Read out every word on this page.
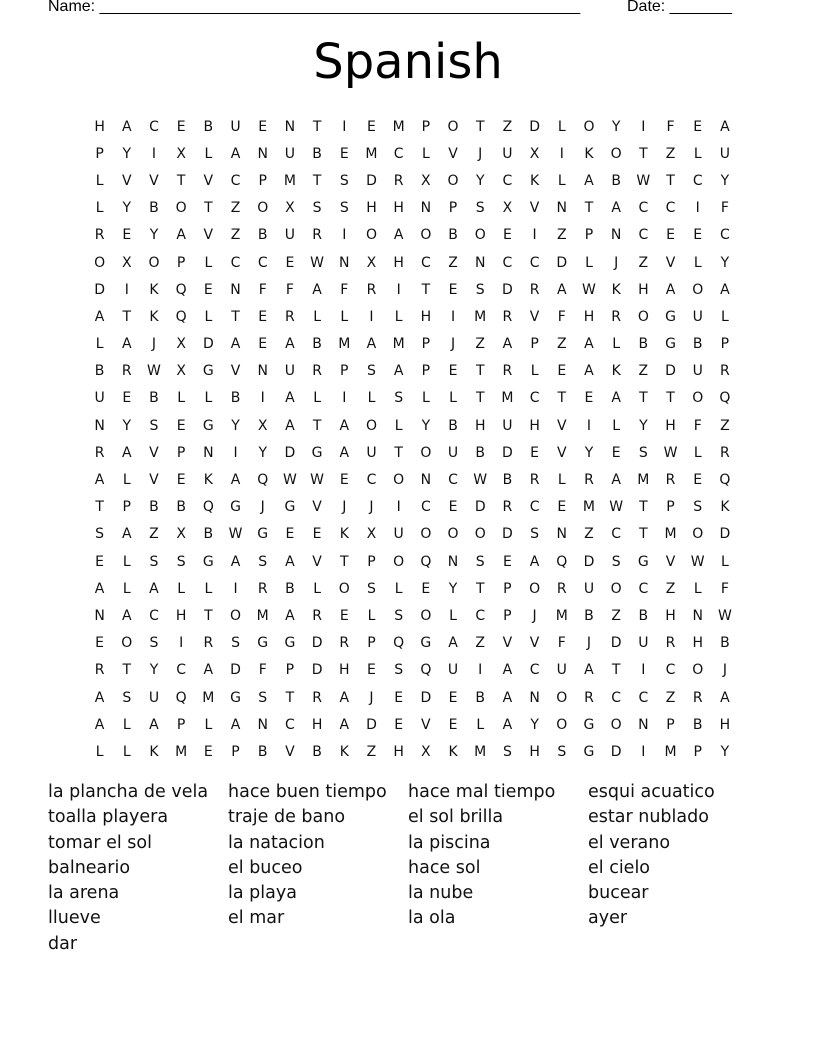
Name: ______________________________________________________	Date: _______
Spanish
H	A	C	E	B	U	E	N	T	I	E	M	P	O	T	Z	D	L	O	Y	I	F	E	A
P	Y	I	X	L	A	N	U	B	E	M	C	L	V	J	U	X	I	K	O	T	Z	L	U
L	V	V	T	V	C	P	M	T	S	D	R	X	O	Y	C	K	L	A	B	W	T	C	Y
L	Y	B	O	T	Z	O	X	S	S	H	H	N	P	S	X	V	N	T	A	C	C	I	F
R	E	Y	A	V	Z	B	U	R	I	O	A	O	B	O	E	I	Z	P	N	C	E	E	C
O	X	O	P	L	C	C	E	W	N	X	H	C	Z	N	C	C	D	L	J	Z	V	L	Y
D	I	K	Q	E	N	F	F	A	F	R	I	T	E	S	D	R	A	W	K	H	A	O	A
A	T	K	Q	L	T	E	R	L	L	I	L	H	I	M	R	V	F	H	R	O	G	U	L
L	A	J	X	D	A	E	A	B	M	A	M	P	J	Z	A	P	Z	A	L	B	G	B	P
B	R	W	X	G	V	N	U	R	P	S	A	P	E	T	R	L	E	A	K	Z	D	U	R
U	E	B	L	L	B	I	A	L	I	L	S	L	L	T	M	C	T	E	A	T	T	O	Q
N	Y	S	E	G	Y	X	A	T	A	O	L	Y	B	H	U	H	V	I	L	Y	H	F	Z
R	A	V	P	N	I	Y	D	G	A	U	T	O	U	B	D	E	V	Y	E	S	W	L	R
A	L	V	E	K	A	Q	W W	E	C	O	N	C	W	B	R	L	R	A	M	R	E	Q
T	P	B	B	Q	G	J	G	V	J	J	I	C	E	D	R	C	E	M	W	T	P	S	K
S	A	Z	X	B	W	G	E	E	K	X	U	O	O	O	D	S	N	Z	C	T	M	O	D
E	L	S	S	G	A	S	A	V	T	P	O	Q	N	S	E	A	Q	D	S	G	V	W	L
A	L	A	L	L	I	R	B	L	O	S	L	E	Y	T	P	O	R	U	O	C	Z	L	F
N	A	C	H	T	O	M	A	R	E	L	S	O	L	C	P	J	M	B	Z	B	H	N	W
E	O	S	I	R	S	G	G	D	R	P	Q	G	A	Z	V	V	F	J	D	U	R	H	B
R	T	Y	C	A	D	F	P	D	H	E	S	Q	U	I	A	C	U	A	T	I	C	O	J
A	S	U	Q	M	G	S	T	R	A	J	E	D	E	B	A	N	O	R	C	C	Z	R	A
A	L	A	P	L	A	N	C	H	A	D	E	V	E	L	A	Y	O	G	O	N	P	B	H
L	L	K	M	E	P	B	V	B	K	Z	H	X	K	M	S	H	S	G	D	I	M	P	Y
la plancha de vela	hace buen tiempo	hace mal tiempo	esqui acuatico
toalla playera	traje de bano	el sol brilla	estar nublado
tomar el sol	la natacion	la piscina	el verano
balneario	el buceo	hace sol	el cielo
la arena	la playa	la nube	bucear
llueve	el mar	la ola	ayer
dar
